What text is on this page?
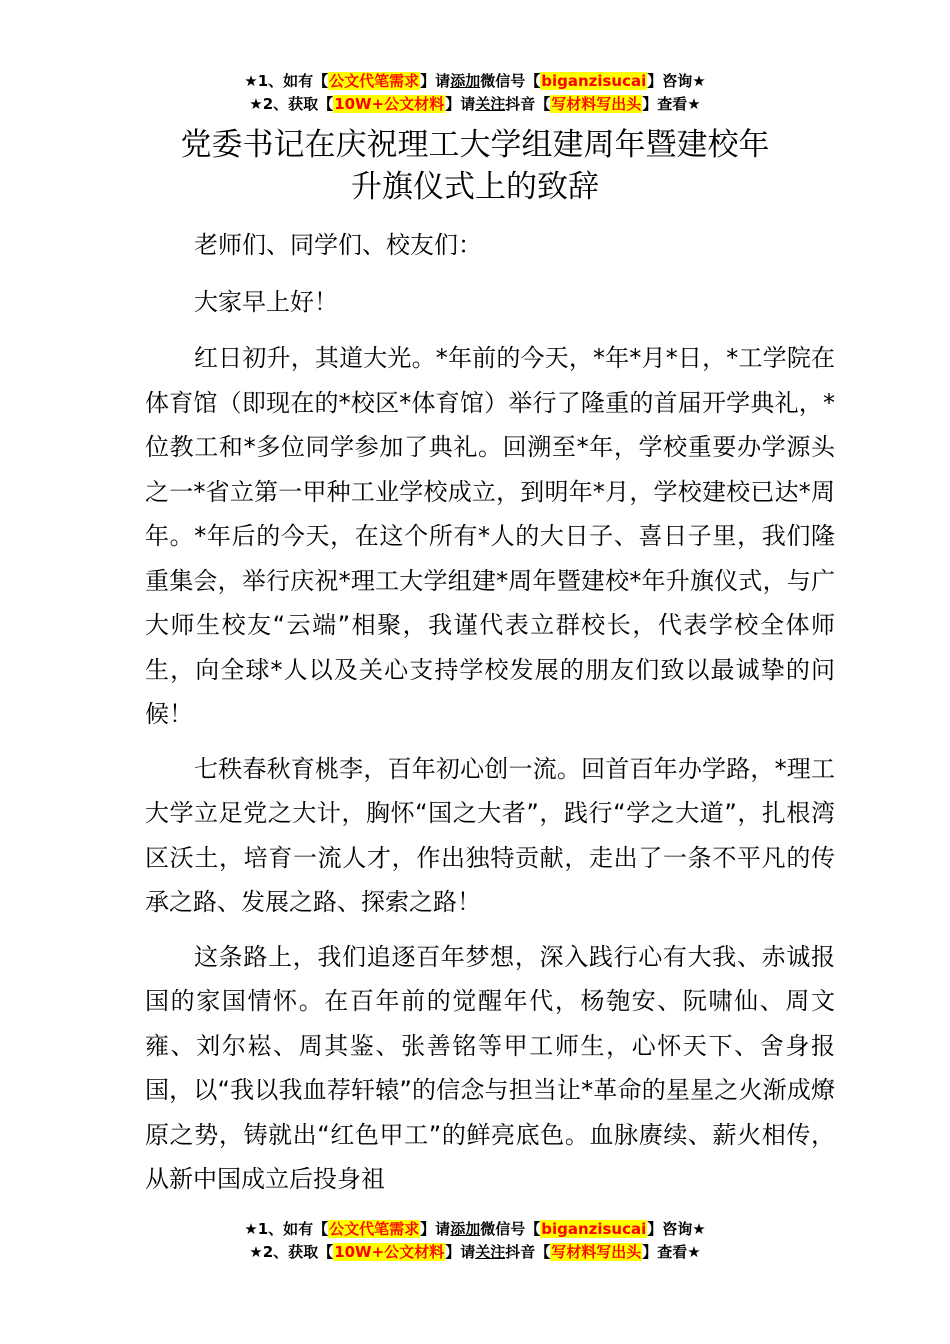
★1、如有【公文代笔需求】请添加微信号【biganzisucai】咨询★
★2、获取【10W+公文材料】请关注抖音【写材料写出头】查看★
党委书记在庆祝理工大学组建周年暨建校年
升旗仪式上的致辞

老师们、同学们、校友们：

大家早上好！

红日初升，其道大光。*年前的今天，*年*月*日，*工学院在体育馆（即现在的*校区*体育馆）举行了隆重的首届开学典礼，*位教工和*多位同学参加了典礼。回溯至*年，学校重要办学源头之一*省立第一甲种工业学校成立，到明年*月，学校建校已达*周年。*年后的今天，在这个所有*人的大日子、喜日子里，我们隆重集会，举行庆祝*理工大学组建*周年暨建校*年升旗仪式，与广大师生校友“云端”相聚，我谨代表立群校长，代表学校全体师生，向全球*人以及关心支持学校发展的朋友们致以最诚挚的问候！

七秩春秋育桃李，百年初心创一流。回首百年办学路，*理工大学立足党之大计，胸怀“国之大者”，践行“学之大道”，扎根湾区沃土，培育一流人才，作出独特贡献，走出了一条不平凡的传承之路、发展之路、探索之路！

这条路上，我们追逐百年梦想，深入践行心有大我、赤诚报国的家国情怀。在百年前的觉醒年代，杨匏安、阮啸仙、周文雍、刘尔崧、周其鉴、张善铭等甲工师生，心怀天下、舍身报国，以“我以我血荐轩辕”的信念与担当让*革命的星星之火渐成燎原之势，铸就出“红色甲工”的鲜亮底色。血脉赓续、薪火相传，从新中国成立后投身祖

★1、如有【公文代笔需求】请添加微信号【biganzisucai】咨询★
★2、获取【10W+公文材料】请关注抖音【写材料写出头】查看★
